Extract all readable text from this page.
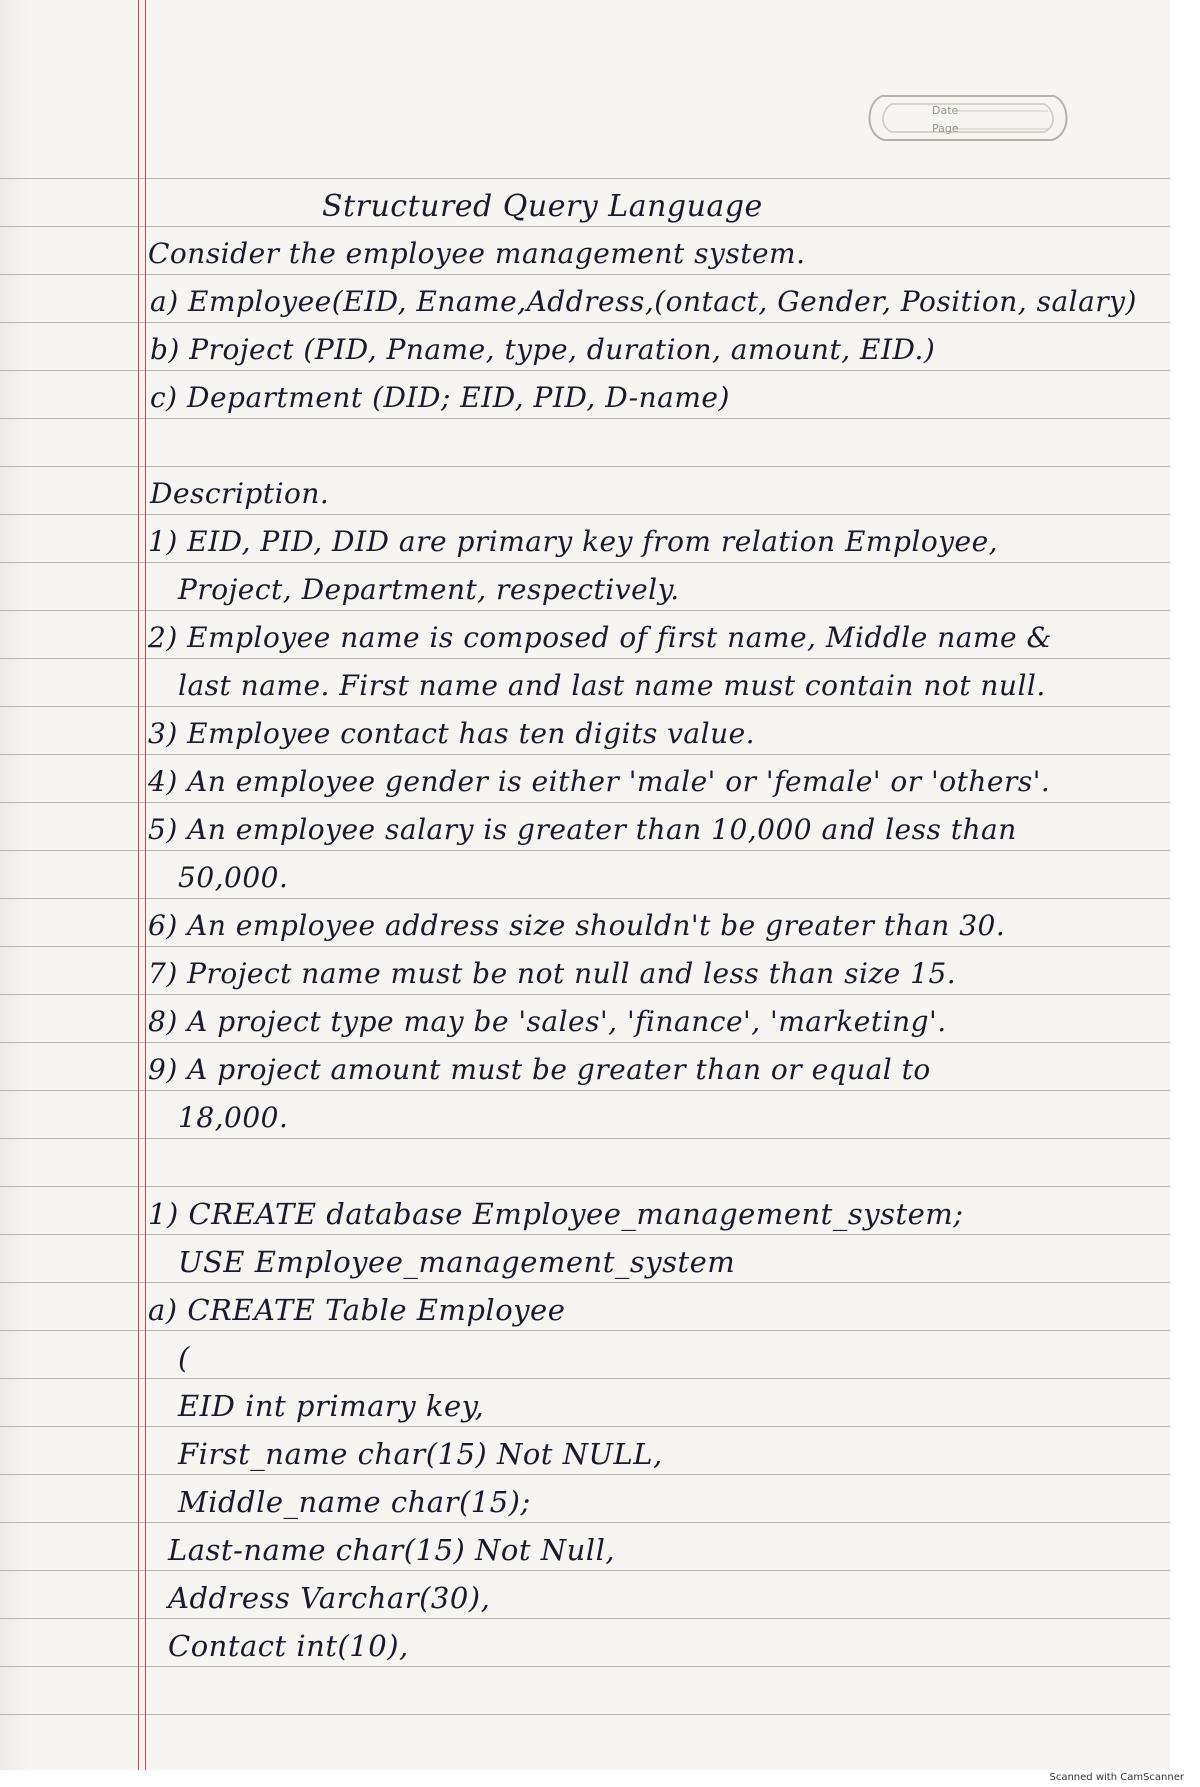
Date
Page
Structured Query Language
Consider the employee management system.
a) Employee(EID, Ename,Address,(ontact, Gender, Position, salary)
b) Project (PID, Pname, type, duration, amount, EID.)
c) Department (DID; EID, PID, D-name)
Description.
1) EID, PID, DID are primary key from relation Employee,
Project, Department, respectively.
2) Employee name is composed of first name, Middle name &
last name. First name and last name must contain not null.
3) Employee contact has ten digits value.
4) An employee gender is either 'male' or 'female' or 'others'.
5) An employee salary is greater than 10,000 and less than
50,000.
6) An employee address size shouldn't be greater than 30.
7) Project name must be not null and less than size 15.
8) A project type may be 'sales', 'finance', 'marketing'.
9) A project amount must be greater than or equal to
18,000.
1) CREATE database Employee_management_system;
USE Employee_management_system
a) CREATE Table Employee
(
EID int primary key,
First_name char(15) Not NULL,
Middle_name char(15);
Last-name char(15) Not Null,
Address Varchar(30),
Contact int(10),
Scanned with CamScanner
